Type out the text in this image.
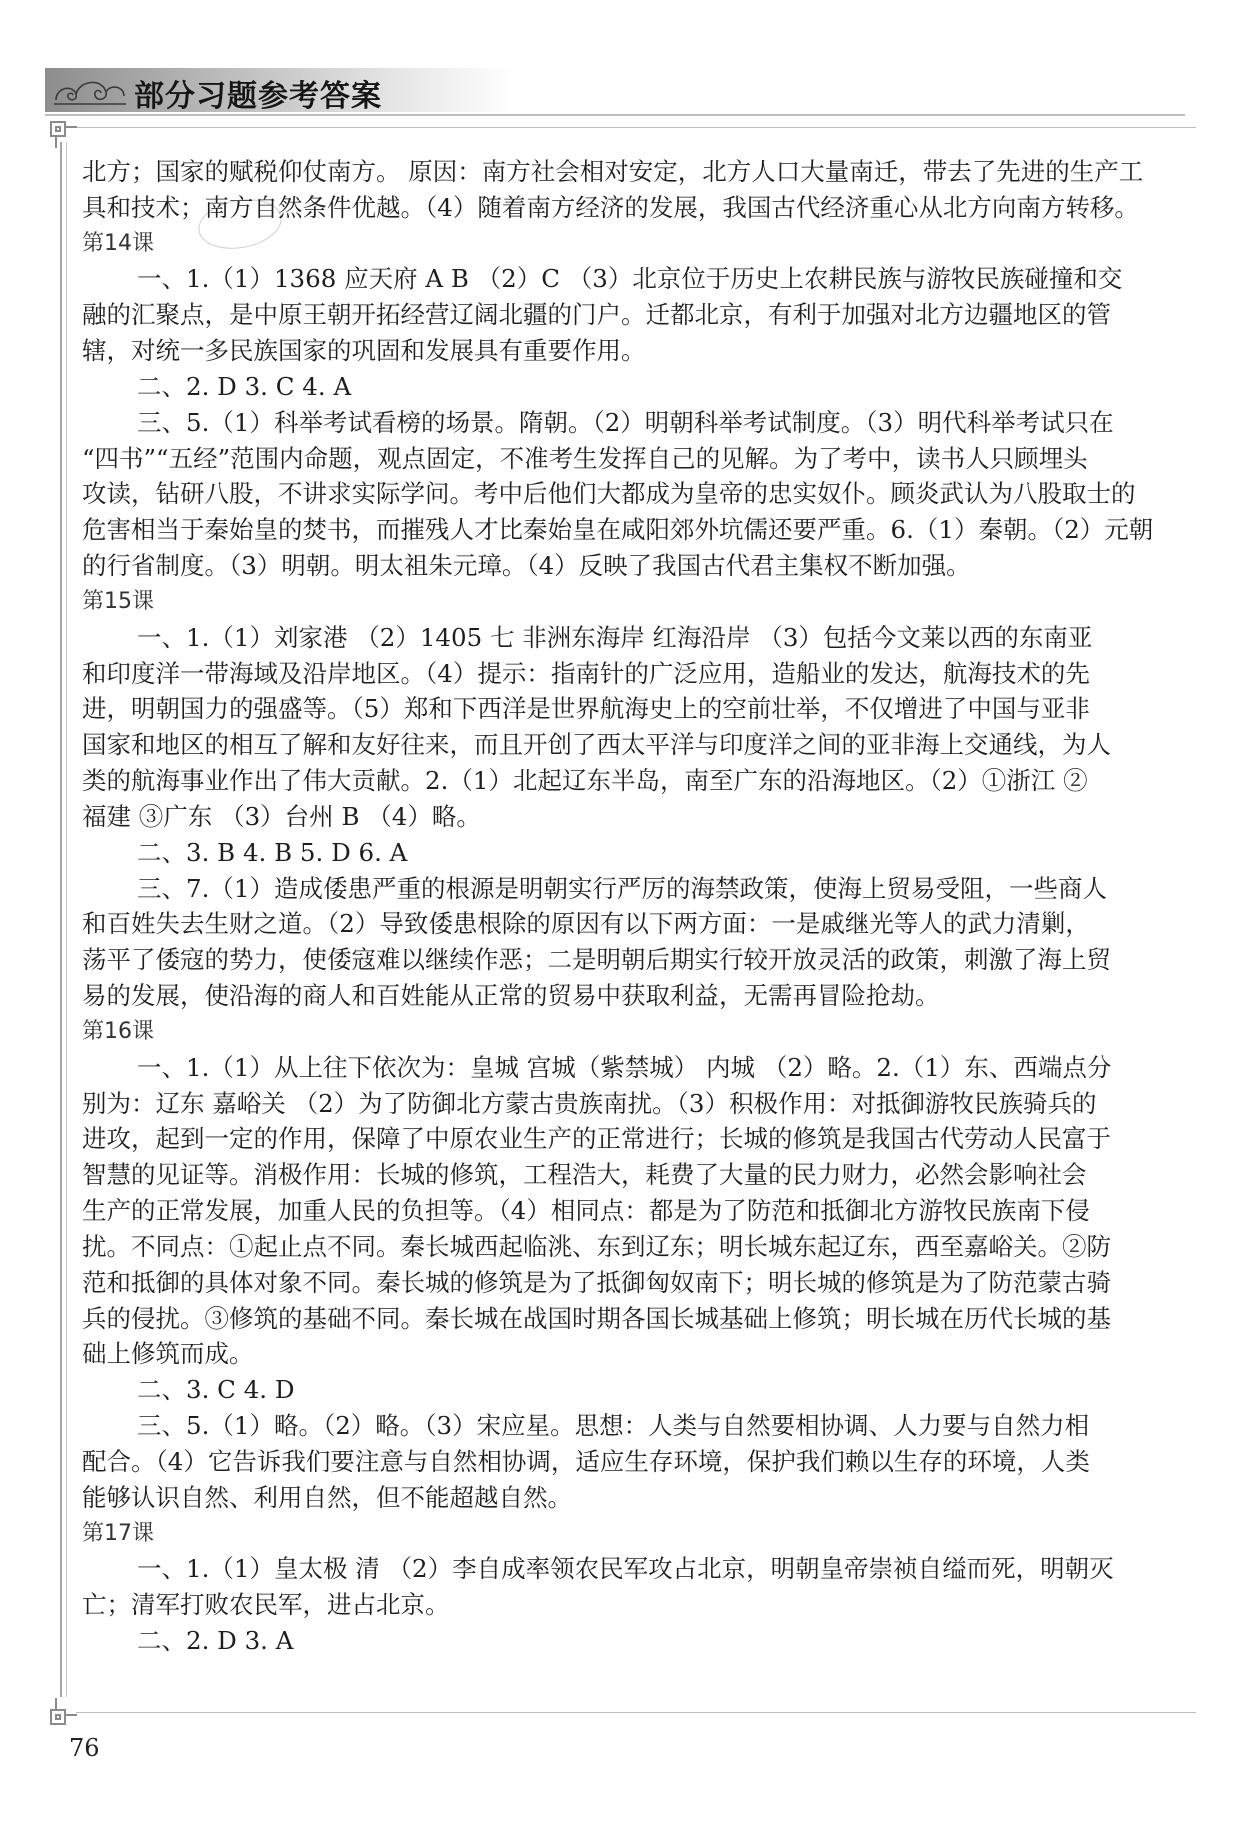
部分习题参考答案
北方；国家的赋税仰仗南方。 原因：南方社会相对安定，北方人口大量南迁，带去了先进的生产工
具和技术；南方自然条件优越。（4）随着南方经济的发展，我国古代经济重心从北方向南方转移。
第14课
一、1.（1）1368 应天府 A B （2）C （3）北京位于历史上农耕民族与游牧民族碰撞和交
融的汇聚点，是中原王朝开拓经营辽阔北疆的门户。迁都北京，有利于加强对北方边疆地区的管
辖，对统一多民族国家的巩固和发展具有重要作用。
二、2. D 3. C 4. A
三、5.（1）科举考试看榜的场景。隋朝。（2）明朝科举考试制度。（3）明代科举考试只在
“四书”“五经”范围内命题，观点固定，不准考生发挥自己的见解。为了考中，读书人只顾埋头
攻读，钻研八股，不讲求实际学问。考中后他们大都成为皇帝的忠实奴仆。顾炎武认为八股取士的
危害相当于秦始皇的焚书，而摧残人才比秦始皇在咸阳郊外坑儒还要严重。6.（1）秦朝。（2）元朝
的行省制度。（3）明朝。明太祖朱元璋。（4）反映了我国古代君主集权不断加强。
第15课
一、1.（1）刘家港 （2）1405 七 非洲东海岸 红海沿岸 （3）包括今文莱以西的东南亚
和印度洋一带海域及沿岸地区。（4）提示：指南针的广泛应用，造船业的发达，航海技术的先
进，明朝国力的强盛等。（5）郑和下西洋是世界航海史上的空前壮举，不仅增进了中国与亚非
国家和地区的相互了解和友好往来，而且开创了西太平洋与印度洋之间的亚非海上交通线，为人
类的航海事业作出了伟大贡献。2.（1）北起辽东半岛，南至广东的沿海地区。（2）①浙江 ②
福建 ③广东 （3）台州 B （4）略。
二、3. B 4. B 5. D 6. A
三、7.（1）造成倭患严重的根源是明朝实行严厉的海禁政策，使海上贸易受阻，一些商人
和百姓失去生财之道。（2）导致倭患根除的原因有以下两方面：一是戚继光等人的武力清剿，
荡平了倭寇的势力，使倭寇难以继续作恶；二是明朝后期实行较开放灵活的政策，刺激了海上贸
易的发展，使沿海的商人和百姓能从正常的贸易中获取利益，无需再冒险抢劫。
第16课
一、1.（1）从上往下依次为：皇城 宫城（紫禁城） 内城 （2）略。2.（1）东、西端点分
别为：辽东 嘉峪关 （2）为了防御北方蒙古贵族南扰。（3）积极作用：对抵御游牧民族骑兵的
进攻，起到一定的作用，保障了中原农业生产的正常进行；长城的修筑是我国古代劳动人民富于
智慧的见证等。消极作用：长城的修筑，工程浩大，耗费了大量的民力财力，必然会影响社会
生产的正常发展，加重人民的负担等。（4）相同点：都是为了防范和抵御北方游牧民族南下侵
扰。不同点：①起止点不同。秦长城西起临洮、东到辽东；明长城东起辽东，西至嘉峪关。②防
范和抵御的具体对象不同。秦长城的修筑是为了抵御匈奴南下；明长城的修筑是为了防范蒙古骑
兵的侵扰。③修筑的基础不同。秦长城在战国时期各国长城基础上修筑；明长城在历代长城的基
础上修筑而成。
二、3. C 4. D
三、5.（1）略。（2）略。（3）宋应星。思想：人类与自然要相协调、人力要与自然力相
配合。（4）它告诉我们要注意与自然相协调，适应生存环境，保护我们赖以生存的环境，人类
能够认识自然、利用自然，但不能超越自然。
第17课
一、1.（1）皇太极 清 （2）李自成率领农民军攻占北京，明朝皇帝崇祯自缢而死，明朝灭
亡；清军打败农民军，进占北京。
二、2. D 3. A
76
